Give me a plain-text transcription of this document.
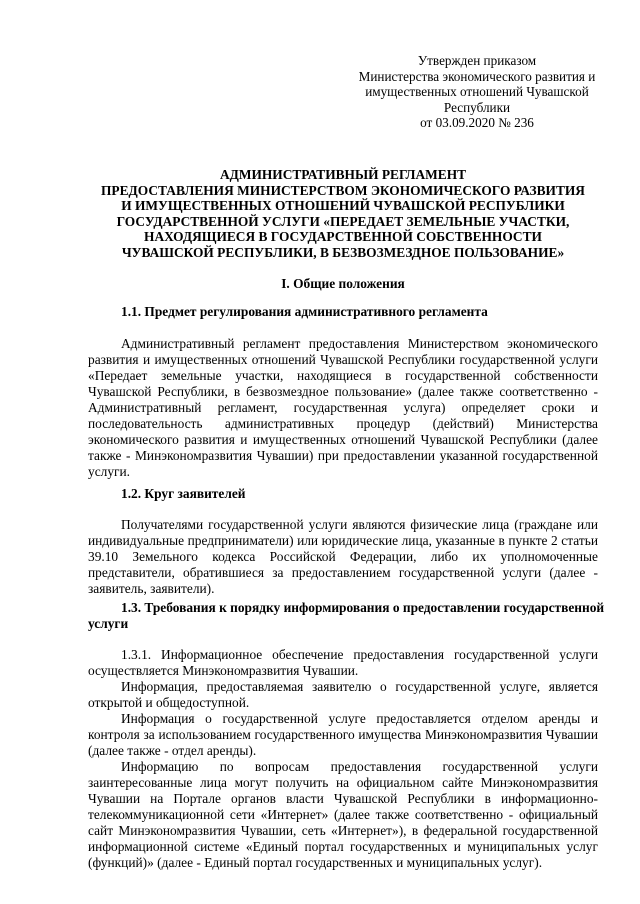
Утвержден приказом
Министерства экономического развития и
имущественных отношений Чувашской
Республики
от 03.09.2020 № 236
АДМИНИСТРАТИВНЫЙ РЕГЛАМЕНТ
ПРЕДОСТАВЛЕНИЯ МИНИСТЕРСТВОМ ЭКОНОМИЧЕСКОГО РАЗВИТИЯ
И ИМУЩЕСТВЕННЫХ ОТНОШЕНИЙ ЧУВАШСКОЙ РЕСПУБЛИКИ
ГОСУДАРСТВЕННОЙ УСЛУГИ «ПЕРЕДАЕТ ЗЕМЕЛЬНЫЕ УЧАСТКИ,
НАХОДЯЩИЕСЯ В ГОСУДАРСТВЕННОЙ СОБСТВЕННОСТИ
ЧУВАШСКОЙ РЕСПУБЛИКИ, В БЕЗВОЗМЕЗДНОЕ ПОЛЬЗОВАНИЕ»
I. Общие положения
1.1. Предмет регулирования административного регламента

Административный регламент предоставления Министерством экономического развития и имущественных отношений Чувашской Республики государственной услуги «Передает земельные участки, находящиеся в государственной собственности Чувашской Республики, в безвозмездное пользование» (далее также соответственно - Административный регламент, государственная услуга) определяет сроки и последовательность административных процедур (действий) Министерства экономического развития и имущественных отношений Чувашской Республики (далее также - Минэкономразвития Чувашии) при предоставлении указанной государственной услуги.

1.2. Круг заявителей

Получателями государственной услуги являются физические лица (граждане или индивидуальные предприниматели) или юридические лица, указанные в пункте 2 статьи 39.10 Земельного кодекса Российской Федерации, либо их уполномоченные представители, обратившиеся за предоставлением государственной услуги (далее - заявитель, заявители).

1.3. Требования к порядку информирования о предоставлении государственной
услуги

1.3.1. Информационное обеспечение предоставления государственной услуги осуществляется Минэкономразвития Чувашии.

Информация, предоставляемая заявителю о государственной услуге, является открытой и общедоступной.

Информация о государственной услуге предоставляется отделом аренды и контроля за использованием государственного имущества Минэкономразвития Чувашии (далее также - отдел аренды).

Информацию по вопросам предоставления государственной услуги заинтересованные лица могут получить на официальном сайте Минэкономразвития Чувашии на Портале органов власти Чувашской Республики в информационно-телекоммуникационной сети «Интернет» (далее также соответственно - официальный сайт Минэкономразвития Чувашии, сеть «Интернет»), в федеральной государственной информационной системе «Единый портал государственных и муниципальных услуг (функций)» (далее - Единый портал государственных и муниципальных услуг).
